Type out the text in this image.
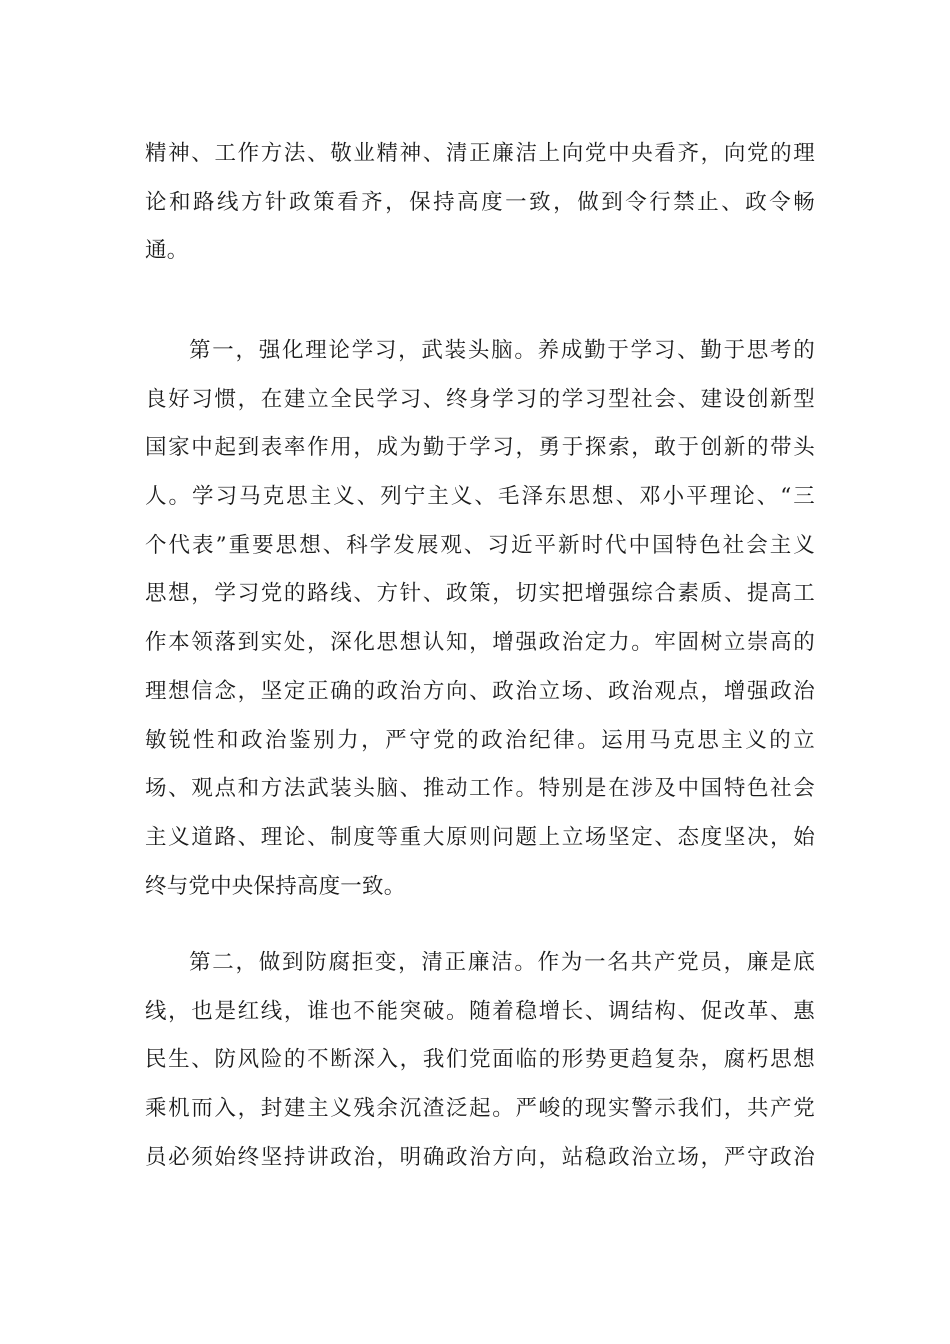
精神、工作方法、敬业精神、清正廉洁上向党中央看齐，向党的理
论和路线方针政策看齐，保持高度一致，做到令行禁止、政令畅
通。
第一，强化理论学习，武装头脑。养成勤于学习、勤于思考的
良好习惯，在建立全民学习、终身学习的学习型社会、建设创新型
国家中起到表率作用，成为勤于学习，勇于探索，敢于创新的带头
人。学习马克思主义、列宁主义、毛泽东思想、邓小平理论、“三
个代表”重要思想、科学发展观、习近平新时代中国特色社会主义
思想，学习党的路线、方针、政策，切实把增强综合素质、提高工
作本领落到实处，深化思想认知，增强政治定力。牢固树立崇高的
理想信念，坚定正确的政治方向、政治立场、政治观点，增强政治
敏锐性和政治鉴别力，严守党的政治纪律。运用马克思主义的立
场、观点和方法武装头脑、推动工作。特别是在涉及中国特色社会
主义道路、理论、制度等重大原则问题上立场坚定、态度坚决，始
终与党中央保持高度一致。
第二，做到防腐拒变，清正廉洁。作为一名共产党员，廉是底
线，也是红线，谁也不能突破。随着稳增长、调结构、促改革、惠
民生、防风险的不断深入，我们党面临的形势更趋复杂，腐朽思想
乘机而入，封建主义残余沉渣泛起。严峻的现实警示我们，共产党
员必须始终坚持讲政治，明确政治方向，站稳政治立场，严守政治
